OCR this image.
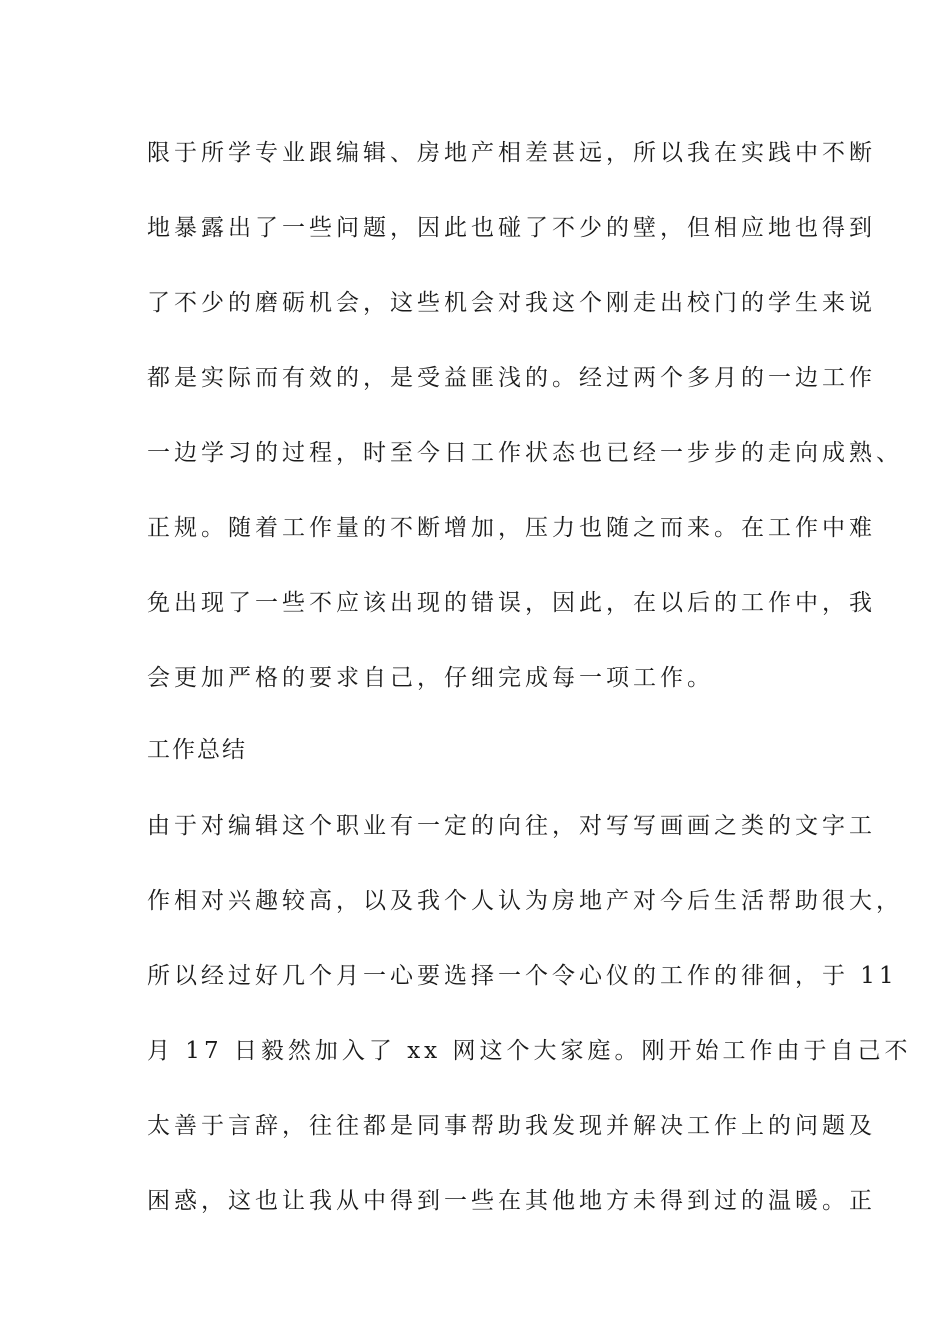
限于所学专业跟编辑、房地产相差甚远，所以我在实践中不断
地暴露出了一些问题，因此也碰了不少的壁，但相应地也得到
了不少的磨砺机会，这些机会对我这个刚走出校门的学生来说
都是实际而有效的，是受益匪浅的。经过两个多月的一边工作
一边学习的过程，时至今日工作状态也已经一步步的走向成熟、
正规。随着工作量的不断增加，压力也随之而来。在工作中难
免出现了一些不应该出现的错误，因此，在以后的工作中，我
会更加严格的要求自己，仔细完成每一项工作。
工作总结
由于对编辑这个职业有一定的向往，对写写画画之类的文字工
作相对兴趣较高，以及我个人认为房地产对今后生活帮助很大，
所以经过好几个月一心要选择一个令心仪的工作的徘徊，于 11
月 17 日毅然加入了 xx 网这个大家庭。刚开始工作由于自己不
太善于言辞，往往都是同事帮助我发现并解决工作上的问题及
困惑，这也让我从中得到一些在其他地方未得到过的温暖。正
